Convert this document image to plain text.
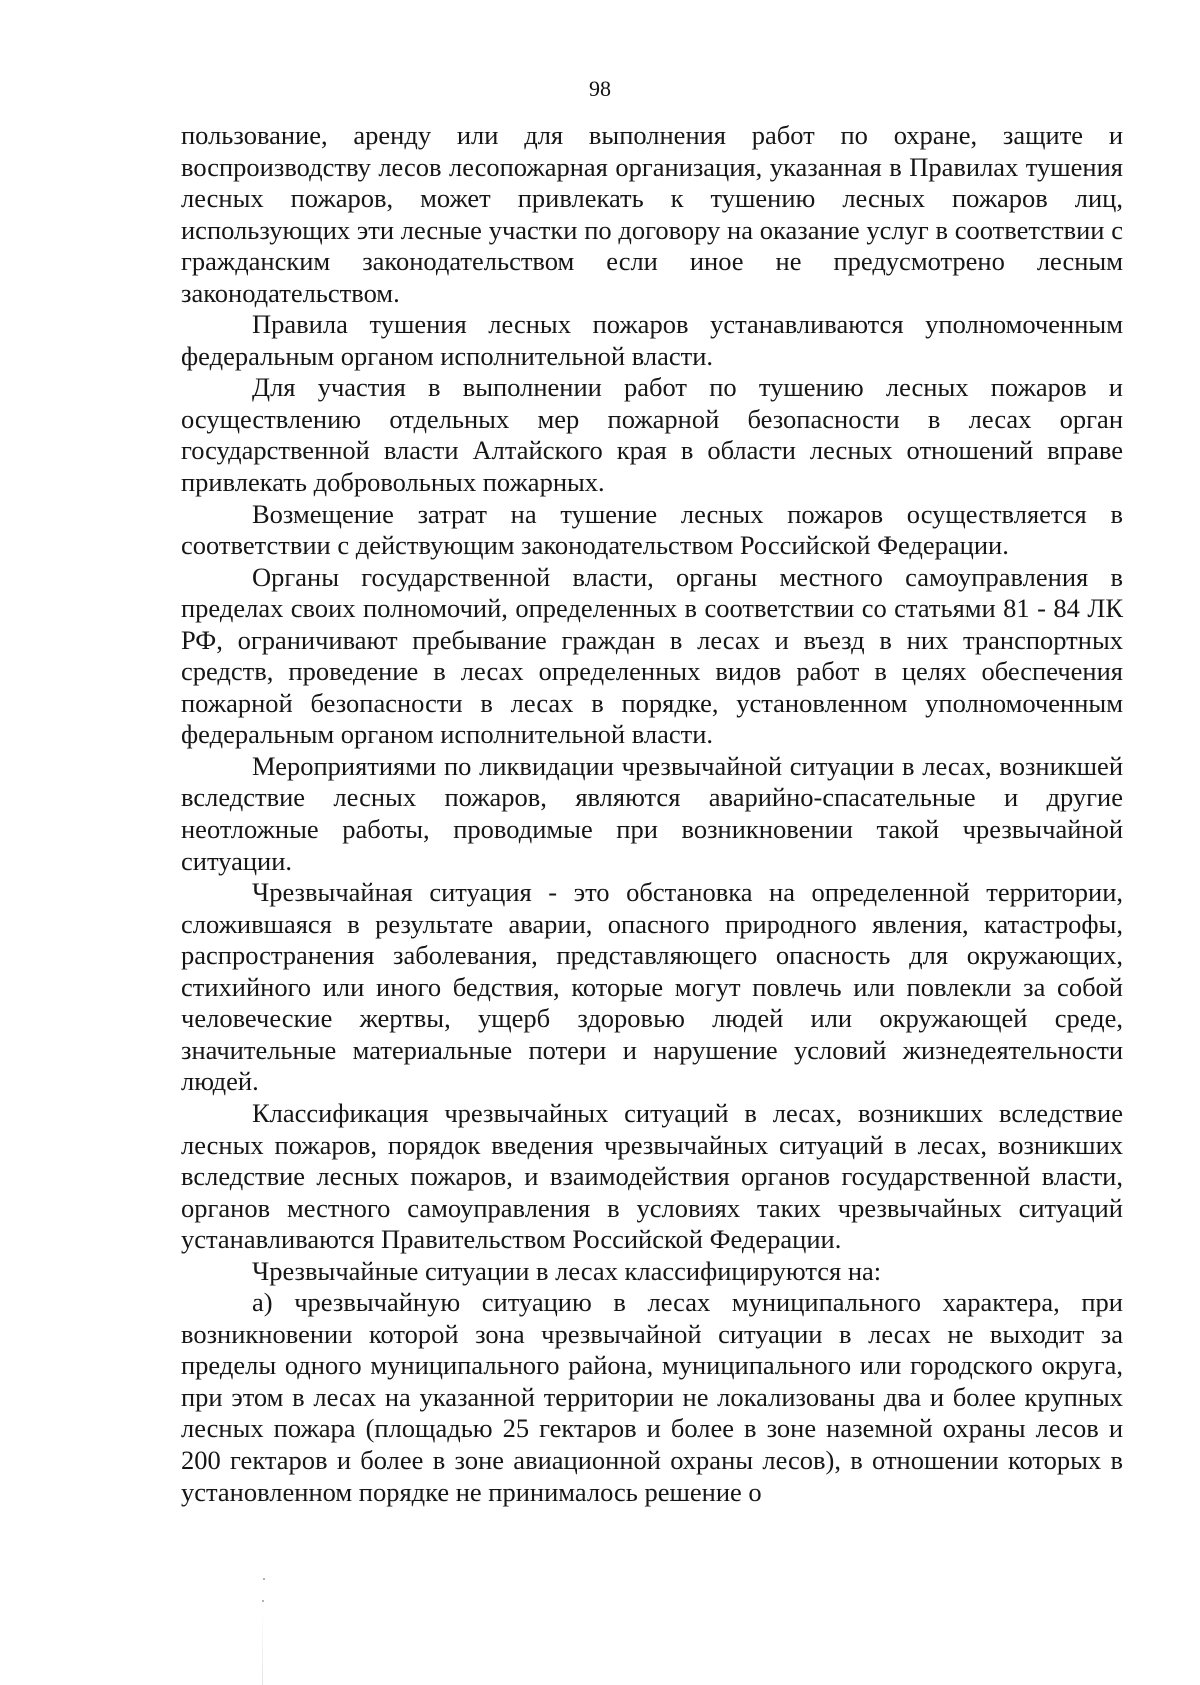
98

пользование, аренду или для выполнения работ по охране, защите и воспроизводству лесов лесопожарная организация, указанная в Правилах тушения лесных пожаров, может привлекать к тушению лесных пожаров лиц, использующих эти лесные участки по договору на оказание услуг в соответствии с гражданским законодательством если иное не предусмотрено лесным законодательством.

Правила тушения лесных пожаров устанавливаются уполномоченным федеральным органом исполнительной власти.

Для участия в выполнении работ по тушению лесных пожаров и осуществлению отдельных мер пожарной безопасности в лесах орган государственной власти Алтайского края в области лесных отношений вправе привлекать добровольных пожарных.

Возмещение затрат на тушение лесных пожаров осуществляется в соответствии с действующим законодательством Российской Федерации.

Органы государственной власти, органы местного самоуправления в пределах своих полномочий, определенных в соответствии со статьями 81 - 84 ЛК РФ, ограничивают пребывание граждан в лесах и въезд в них транспортных средств, проведение в лесах определенных видов работ в целях обеспечения пожарной безопасности в лесах в порядке, установленном уполномоченным федеральным органом исполнительной власти.

Мероприятиями по ликвидации чрезвычайной ситуации в лесах, возникшей вследствие лесных пожаров, являются аварийно-спасательные и другие неотложные работы, проводимые при возникновении такой чрезвычайной ситуации.

Чрезвычайная ситуация - это обстановка на определенной территории, сложившаяся в результате аварии, опасного природного явления, катастрофы, распространения заболевания, представляющего опасность для окружающих, стихийного или иного бедствия, которые могут повлечь или повлекли за собой человеческие жертвы, ущерб здоровью людей или окружающей среде, значительные материальные потери и нарушение условий жизнедеятельности людей.

Классификация чрезвычайных ситуаций в лесах, возникших вследствие лесных пожаров, порядок введения чрезвычайных ситуаций в лесах, возникших вследствие лесных пожаров, и взаимодействия органов государственной власти, органов местного самоуправления в условиях таких чрезвычайных ситуаций устанавливаются Правительством Российской Федерации.

Чрезвычайные ситуации в лесах классифицируются на:

а) чрезвычайную ситуацию в лесах муниципального характера, при возникновении которой зона чрезвычайной ситуации в лесах не выходит за пределы одного муниципального района, муниципального или городского округа, при этом в лесах на указанной территории не локализованы два и более крупных лесных пожара (площадью 25 гектаров и более в зоне наземной охраны лесов и 200 гектаров и более в зоне авиационной охраны лесов), в отношении которых в установленном порядке не принималось решение о
